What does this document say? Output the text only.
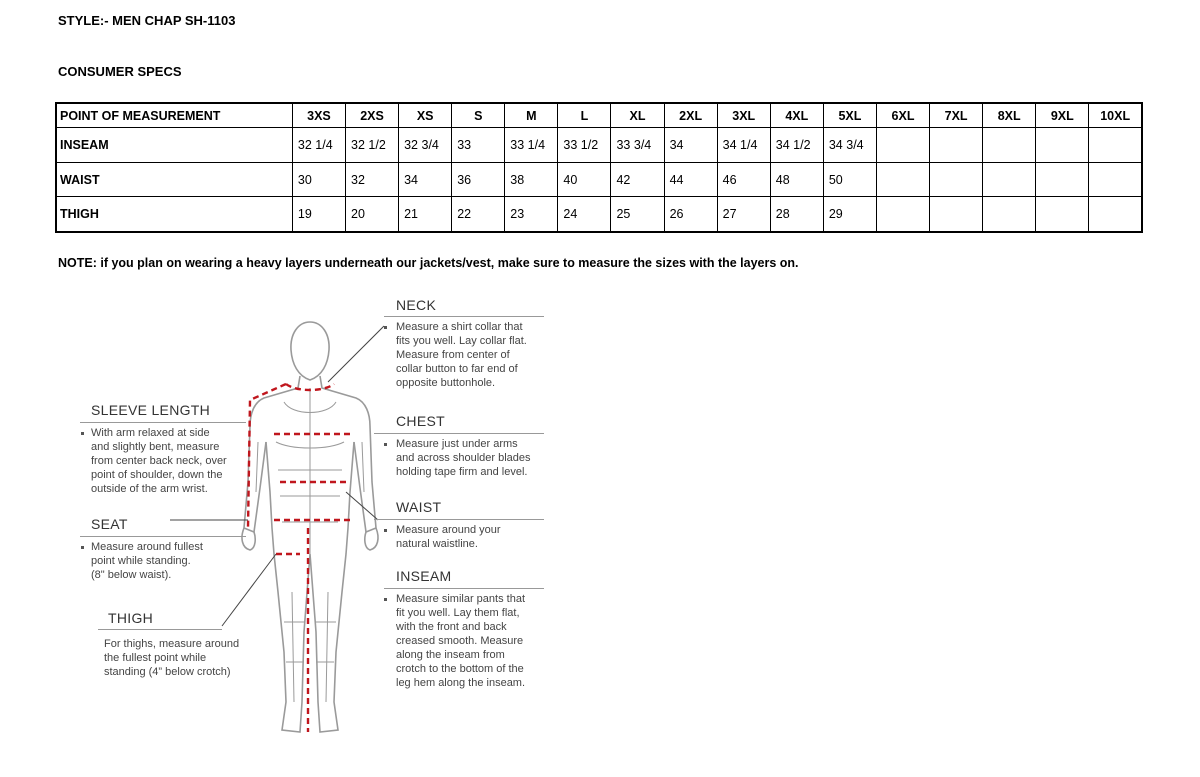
STYLE:- MEN CHAP SH-1103
CONSUMER SPECS
POINT OF MEASUREMENT	3XS	2XS	XS	S	M	L	XL	2XL	3XL	4XL	5XL	6XL	7XL	8XL	9XL	10XL
INSEAM	32 1/4	32 1/2	32 3/4	33	33 1/4	33 1/2	33 3/4	34	34 1/4	34 1/2	34 3/4					
WAIST	30	32	34	36	38	40	42	44	46	48	50					
THIGH	19	20	21	22	23	24	25	26	27	28	29					
NOTE: if you plan on wearing a heavy layers underneath our jackets/vest, make sure to measure the sizes with the layers on.
NECK
Measure a shirt collar that
fits you well. Lay collar flat.
Measure from center of
collar button to far end of
opposite buttonhole.
CHEST
Measure just under arms
and across shoulder blades
holding tape firm and level.
WAIST
Measure around your
natural waistline.
INSEAM
Measure similar pants that
fit you well. Lay them flat,
with the front and back
creased smooth. Measure
along the inseam from
crotch to the bottom of the
leg hem along the inseam.
SLEEVE LENGTH
With arm relaxed at side
and slightly bent, measure
from center back neck, over
point of shoulder, down the
outside of the arm wrist.
SEAT
Measure around fullest
point while standing.
(8" below waist).
THIGH
For thighs, measure around
the fullest point while
standing (4” below crotch)
